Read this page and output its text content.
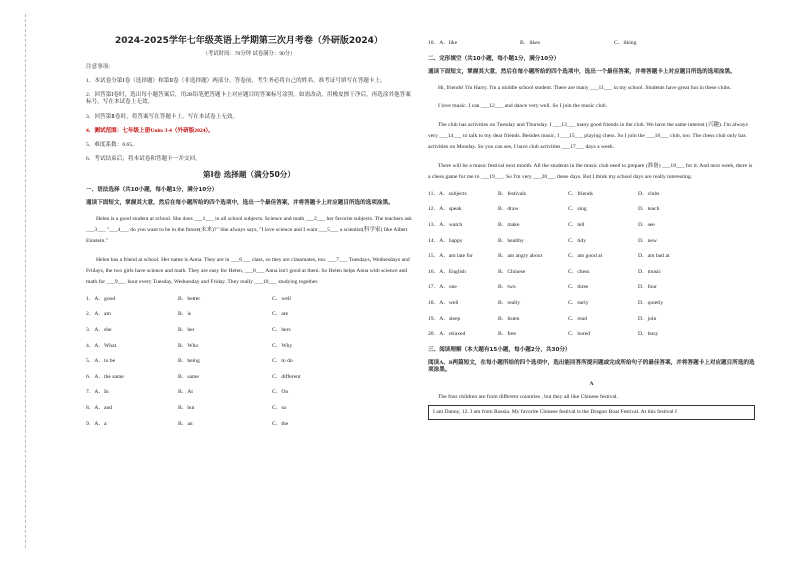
2024-2025学年七年级英语上学期第三次月考卷（外研版2024）
（考试时间：70分钟 试卷满分：90分）

注意事项：

1．本试卷分第Ⅰ卷（选择题）和第Ⅱ卷（非选择题）两部分。答卷前，考生务必将自己的姓名、准考证号填写在答题卡上。

2．回答第Ⅰ卷时，选出每小题答案后，用2B铅笔把答题卡上对应题目的答案标号涂黑。如需改动，用橡皮擦干净后，再选涂其他答案标号。写在本试卷上无效。

3．回答第Ⅱ卷时，将答案写在答题卡上。写在本试卷上无效。

4．测试范围：七年级上册Units 3-4（外研版2024）。

5．难度系数：0.65。

6．考试结束后，将本试卷和答题卡一并交回。

第Ⅰ卷 选择题（满分50分）
一、语法选择（共10小题，每小题1分，满分10分）
通读下面短文，掌握其大意，然后在每小题所给的四个选项中，选出一个最佳答案，并将答题卡上对应题目所选的选项涂黑。
Helen is a good student at school. She does ___1___ in all school subjects. Science and math ___2___ her favorite subjects. The teachers ask ___3___ "___4___ do you want to be in the future(未来)?" She always says, "I love science and I want ___5___ a scientist(科学家) like Albert Einstein."
Helen has a friend at school. Her name is Anna. They are in ___6___ class, so they are classmates, too. ___7___ Tuesdays, Wednesdays and Fridays, the two girls have science and math. They are easy for Helen, ___8___ Anna isn't good at them. So Helen helps Anna with science and math for ___9___ hour every Tuesday, Wednesday and Friday. They really ___10___ studying together.
1．A．good	B．better	C．well
2．A．am	B．is	C．are
3．A．she	B．her	C．hers
4．A．What	B．Who	C．Why
5．A．to be	B．being	C．to do
6．A．the same	B．same	C．different
7．A．In	B．At	C．On
8．A．and	B．but	C．so
9．A．a	B．an	C．the
10．A．like	B．likes	C．liking
二、完形填空（共10小题，每小题1分，满分10分）
通读下面短文，掌握其大意，然后在每小题所给的四个选项中，选出一个最佳答案，并将答题卡上对应题目所选的选项涂黑。
Hi, friends! I'm Harry. I'm a middle school student. There are many ___11___ in my school. Students have great fun in these clubs.
I love music. I can ___12___ and dance very well. So I join the music club.
The club has activities on Tuesday and Thursday. I ___13___ many good friends in the club. We have the same interest (兴趣). I'm always very ___14___ to talk to my dear friends. Besides music, I ___15___ playing chess. So I join the ___16___ club, too. The chess club only has activities on Monday. So you can see, I have club activities ___17___ days a week.
There will be a music festival next month. All the students in the music club need to prepare (准备) ___18___ for it. And next week, there is a chess game for me to ___19___. So I'm very ___20___ these days. But I think my school days are really interesting.
11．A．subjects	B．festivals	C．friends	D．clubs
12．A．speak	B．draw	C．sing	D．teach
13．A．watch	B．make	C．tell	D．see
14．A．happy	B．healthy	C．tidy	D．new
15．A．am late for	B．am angry about	C．am good at	D．am bad at
16．A．English	B．Chinese	C．chess	D．music
17．A．one	B．two	C．three	D．four
18．A．well	B．really	C．early	D．quietly
19．A．sleep	B．listen	C．read	D．join
20．A．relaxed	B．free	C．bored	D．busy
三、阅读理解（本大题有15小题，每小题2分，共30分）
阅读A、B两篇短文，在每小题所给的四个选项中，选出能回答所提问题或完成所给句子的最佳答案，并将答题卡上对应题目所选的选项涂黑。
A
The four children are from different countries , but they all like Chinese festival.
I am Danny, 12. I am from Russia. My favorite Chinese festival is the Dragon Boat Festival. At this festival I
